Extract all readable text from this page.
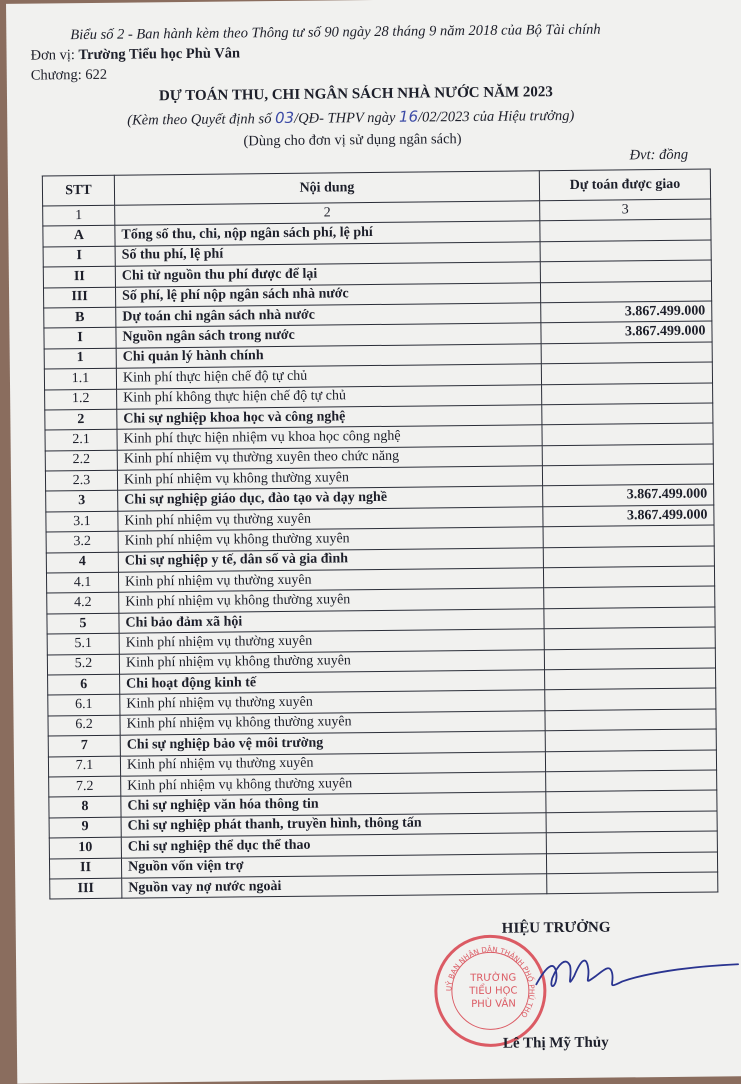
Biểu số 2 - Ban hành kèm theo Thông tư số 90 ngày 28 tháng 9 năm 2018 của Bộ Tài chính
Đơn vị: Trường Tiểu học Phù Vân
Chương: 622
DỰ TOÁN THU, CHI NGÂN SÁCH NHÀ NƯỚC NĂM 2023
(Kèm theo Quyết định số 03/QĐ- THPV ngày 16/02/2023 của Hiệu trưởng)
(Dùng cho đơn vị sử dụng ngân sách)
Đvt: đồng
STT	Nội dung	Dự toán được giao
1	2	3
A	Tổng số thu, chi, nộp ngân sách phí, lệ phí	
I	Số thu phí, lệ phí	
II	Chi từ nguồn thu phí được để lại	
III	Số phí, lệ phí nộp ngân sách nhà nước	
B	Dự toán chi ngân sách nhà nước	3.867.499.000
I	Nguồn ngân sách trong nước	3.867.499.000
1	Chi quản lý hành chính	
1.1	Kinh phí thực hiện chế độ tự chủ	
1.2	Kinh phí không thực hiện chế độ tự chủ	
2	Chi sự nghiệp khoa học và công nghệ	
2.1	Kinh phí thực hiện nhiệm vụ khoa học công nghệ	
2.2	Kinh phí nhiệm vụ thường xuyên theo chức năng	
2.3	Kinh phí nhiệm vụ không thường xuyên	
3	Chi sự nghiệp giáo dục, đào tạo và dạy nghề	3.867.499.000
3.1	Kinh phí nhiệm vụ thường xuyên	3.867.499.000
3.2	Kinh phí nhiệm vụ không thường xuyên	
4	Chi sự nghiệp y tế, dân số và gia đình	
4.1	Kinh phí nhiệm vụ thường xuyên	
4.2	Kinh phí nhiệm vụ không thường xuyên	
5	Chi bảo đảm xã hội	
5.1	Kinh phí nhiệm vụ thường xuyên	
5.2	Kinh phí nhiệm vụ không thường xuyên	
6	Chi hoạt động kinh tế	
6.1	Kinh phí nhiệm vụ thường xuyên	
6.2	Kinh phí nhiệm vụ không thường xuyên	
7	Chi sự nghiệp bảo vệ môi trường	
7.1	Kinh phí nhiệm vụ thường xuyên	
7.2	Kinh phí nhiệm vụ không thường xuyên	
8	Chi sự nghiệp văn hóa thông tin	
9	Chi sự nghiệp phát thanh, truyền hình, thông tấn	
10	Chi sự nghiệp thể dục thể thao	
II	Nguồn vốn viện trợ	
III	Nguồn vay nợ nước ngoài	
HIỆU TRƯỞNG
UỶ BAN NHÂN DÂN THÀNH PHỐ PHÚ THỌ
TRƯỜNG
TIỂU HỌC
PHÙ VÂN
Lê Thị Mỹ Thủy
